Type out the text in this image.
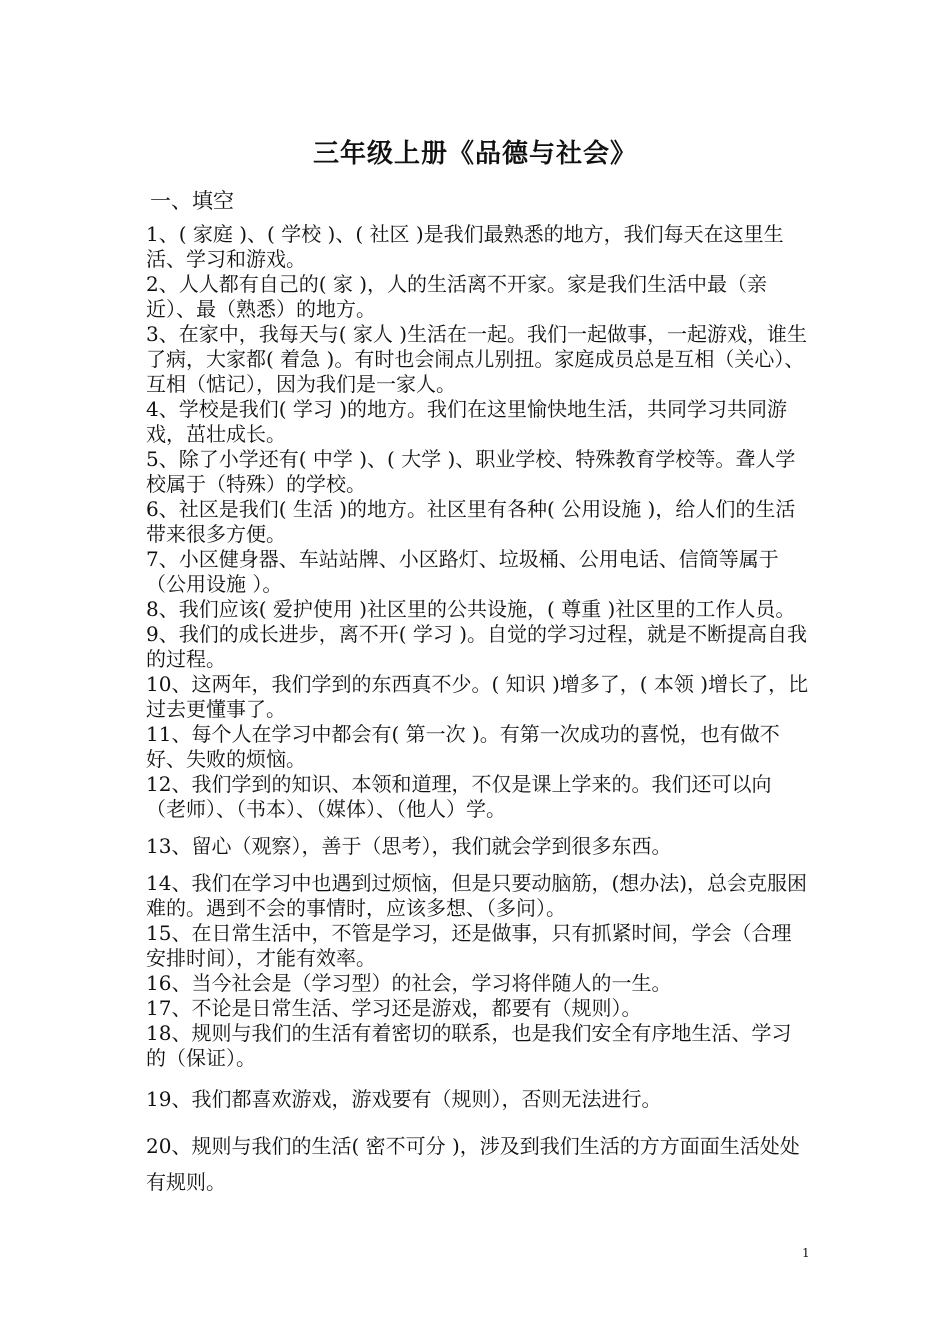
三年级上册《品德与社会》
一、填空

1、( 家庭 )、( 学校 )、( 社区 )是我们最熟悉的地方，我们每天在这里生活、学习和游戏。

2、人人都有自己的( 家 )，人的生活离不开家。家是我们生活中最（亲近）、最（熟悉）的地方。

3、在家中，我每天与( 家人 )生活在一起。我们一起做事，一起游戏，谁生了病，大家都( 着急 )。有时也会闹点儿别扭。家庭成员总是互相（关心）、互相（惦记），因为我们是一家人。

4、学校是我们( 学习 )的地方。我们在这里愉快地生活，共同学习共同游戏，茁壮成长。

5、除了小学还有( 中学 )、( 大学 )、职业学校、特殊教育学校等。聋人学校属于（特殊）的学校。

6、社区是我们( 生活 )的地方。社区里有各种( 公用设施 )，给人们的生活带来很多方便。

7、小区健身器、车站站牌、小区路灯、垃圾桶、公用电话、信筒等属于（公用设施 ）。

8、我们应该( 爱护使用 )社区里的公共设施，( 尊重 )社区里的工作人员。

9、我们的成长进步，离不开( 学习 )。自觉的学习过程，就是不断提高自我的过程。

10、这两年，我们学到的东西真不少。( 知识 )增多了，( 本领 )增长了，比过去更懂事了。

11、每个人在学习中都会有( 第一次 )。有第一次成功的喜悦，也有做不好、失败的烦恼。

12、我们学到的知识、本领和道理，不仅是课上学来的。我们还可以向（老师）、（书本）、（媒体）、（他人）学。

13、留心（观察），善于（思考），我们就会学到很多东西。

14、我们在学习中也遇到过烦恼，但是只要动脑筋，(想办法)，总会克服困难的。遇到不会的事情时，应该多想、（多问）。

15、在日常生活中，不管是学习，还是做事，只有抓紧时间，学会（合理安排时间），才能有效率。

16、当今社会是（学习型）的社会，学习将伴随人的一生。

17、不论是日常生活、学习还是游戏，都要有（规则）。

18、规则与我们的生活有着密切的联系，也是我们安全有序地生活、学习的（保证）。

19、我们都喜欢游戏，游戏要有（规则），否则无法进行。

20、规则与我们的生活( 密不可分 )，涉及到我们生活的方方面面生活处处有规则。

1
